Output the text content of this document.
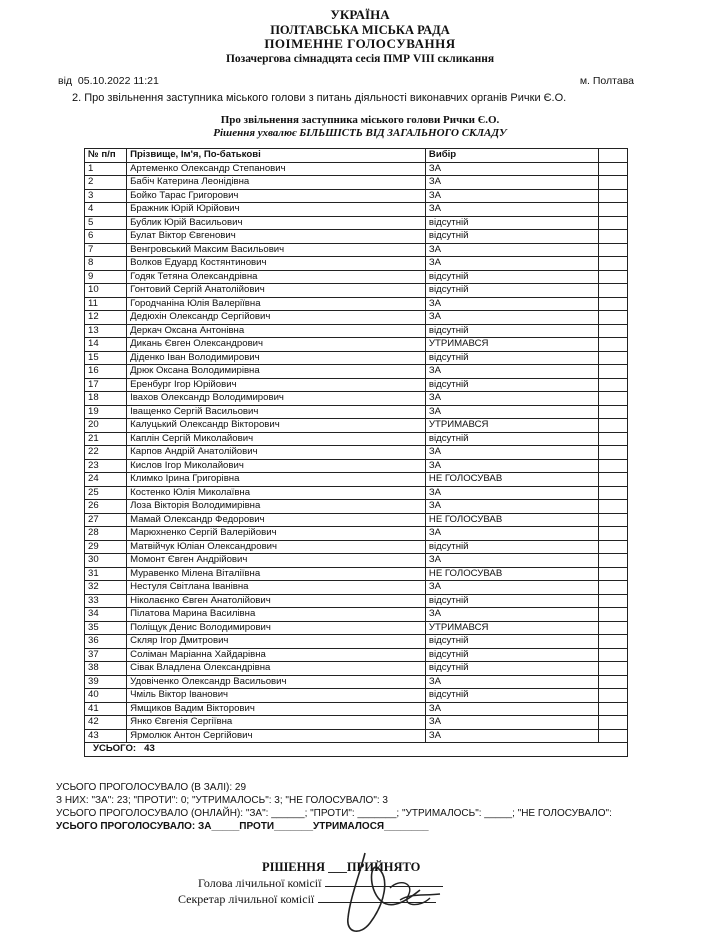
УКРАЇНА
ПОЛТАВСЬКА МІСЬКА РАДА
ПОІМЕННЕ ГОЛОСУВАННЯ
Позачергова сімнадцята сесія ПМР VIII скликання
від 05.10.2022 11:21	м. Полтава
2. Про звільнення заступника міського голови з питань діяльності виконавчих органів Рички Є.О.
Про звільнення заступника міського голови Рички Є.О.
Рішення ухвалює БІЛЬШІСТЬ ВІД ЗАГАЛЬНОГО СКЛАДУ
№ п/п	Прізвище, Ім'я, По-батькові	Вибір	
1	Артеменко Олександр Степанович	ЗА	
2	Бабіч Катерина Леонідівна	ЗА	
3	Бойко Тарас Григорович	ЗА	
4	Бражник Юрій Юрійович	ЗА	
5	Бублик Юрій Васильович	відсутній	
6	Булат Віктор Євгенович	відсутній	
7	Венгровський Максим Васильович	ЗА	
8	Волков Едуард Костянтинович	ЗА	
9	Годяк Тетяна Олександрівна	відсутній	
10	Гонтовий Сергій Анатолійович	відсутній	
11	Городчаніна Юлія Валеріївна	ЗА	
12	Дедюхін Олександр Сергійович	ЗА	
13	Деркач Оксана Антонівна	відсутній	
14	Дикань Євген Олександрович	УТРИМАВСЯ	
15	Діденко Іван Володимирович	відсутній	
16	Дрюк Оксана Володимирівна	ЗА	
17	Еренбург Ігор Юрійович	відсутній	
18	Івахов Олександр Володимирович	ЗА	
19	Іващенко Сергій Васильович	ЗА	
20	Калуцький Олександр Вікторович	УТРИМАВСЯ	
21	Каплін Сергій Миколайович	відсутній	
22	Карпов Андрій Анатолійович	ЗА	
23	Кислов Ігор Миколайович	ЗА	
24	Климко Ірина Григорівна	НЕ ГОЛОСУВАВ	
25	Костенко Юлія Миколаївна	ЗА	
26	Лоза Вікторія Володимирівна	ЗА	
27	Мамай Олександр Федорович	НЕ ГОЛОСУВАВ	
28	Марюхненко Сергій Валерійович	ЗА	
29	Матвійчук Юліан Олександрович	відсутній	
30	Момонт Євген Андрійович	ЗА	
31	Муравенко Мілена Віталіївна	НЕ ГОЛОСУВАВ	
32	Нестуля Світлана Іванівна	ЗА	
33	Ніколаєнко Євген Анатолійович	відсутній	
34	Пілатова Марина Василівна	ЗА	
35	Поліщук Денис Володимирович	УТРИМАВСЯ	
36	Скляр Ігор Дмитрович	відсутній	
37	Соліман Маріанна Хайдарівна	відсутній	
38	Сівак Владлена Олександрівна	відсутній	
39	Удовіченко Олександр Васильович	ЗА	
40	Чміль Віктор Іванович	відсутній	
41	Ямщиков Вадим Вікторович	ЗА	
42	Янко Євгенія Сергіївна	ЗА	
43	Ярмолюк Антон Сергійович	ЗА	
УСЬОГО: 43			
УСЬОГО ПРОГОЛОСУВАЛО (В ЗАЛІ): 29
З НИХ: "ЗА": 23; "ПРОТИ": 0; "УТРИМАЛОСЬ": 3; "НЕ ГОЛОСУВАЛО": 3
УСЬОГО ПРОГОЛОСУВАЛО (ОНЛАЙН): "ЗА": ______; "ПРОТИ": _______; "УТРИМАЛОСЬ": _____; "НЕ ГОЛОСУВАЛО":
УСЬОГО ПРОГОЛОСУВАЛО: ЗА_____ПРОТИ_______УТРИМАЛОСЯ________
РІШЕННЯ ___ПРИЙНЯТО
Голова лічильної комісії
Секретар лічильної комісії
